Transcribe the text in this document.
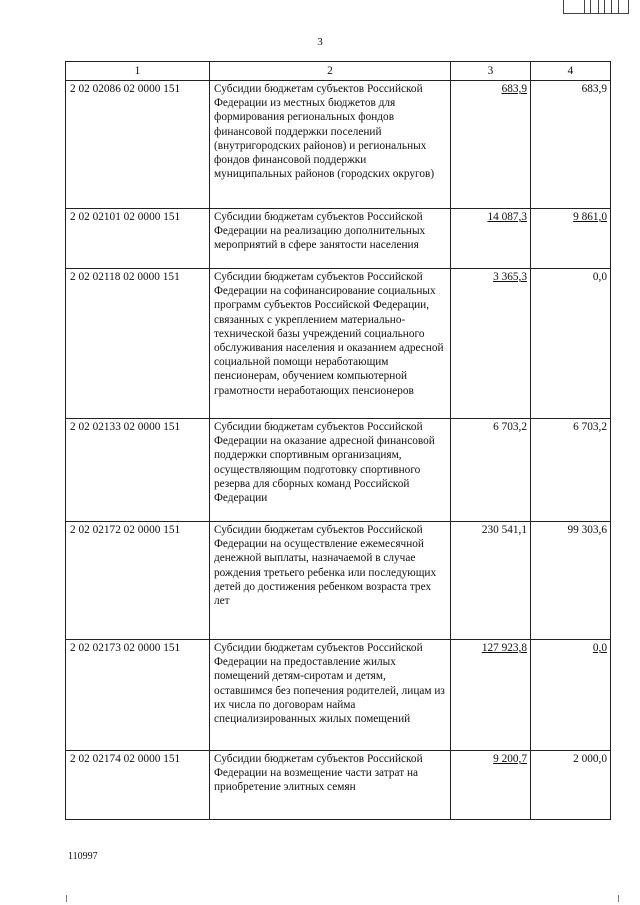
3
1	2	3	4
2 02 02086 02 0000 151	Субсидии бюджетам субъектов Российской Федерации из местных бюджетов для формирования региональных фондов финансовой поддержки поселений (внутригородских районов) и региональных фондов финансовой поддержки муниципальных районов (городских округов)	683,9	683,9
2 02 02101 02 0000 151	Субсидии бюджетам субъектов Российской Федерации на реализацию дополнительных мероприятий в сфере занятости населения	14 087,3	9 861,0
2 02 02118 02 0000 151	Субсидии бюджетам субъектов Российской Федерации на софинансирование социальных программ субъектов Российской Федерации, связанных с укреплением материально-технической базы учреждений социального обслуживания населения и оказанием адресной социальной помощи неработающим пенсионерам, обучением компьютерной грамотности неработающих пенсионеров	3 365,3	0,0
2 02 02133 02 0000 151	Субсидии бюджетам субъектов Российской Федерации на оказание адресной финансовой поддержки спортивным организациям, осуществляющим подготовку спортивного резерва для сборных команд Российской Федерации	6 703,2	6 703,2
2 02 02172 02 0000 151	Субсидии бюджетам субъектов Российской Федерации на осуществление ежемесячной денежной выплаты, назначаемой в случае рождения третьего ребенка или последующих детей до достижения ребенком возраста трех лет	230 541,1	99 303,6
2 02 02173 02 0000 151	Субсидии бюджетам субъектов Российской Федерации на предоставление жилых помещений детям-сиротам и детям, оставшимся без попечения родителей, лицам из их числа по договорам найма специализированных жилых помещений	127 923,8	0,0
2 02 02174 02 0000 151	Субсидии бюджетам субъектов Российской Федерации на возмещение части затрат на приобретение элитных семян	9 200,7	2 000,0
110997
